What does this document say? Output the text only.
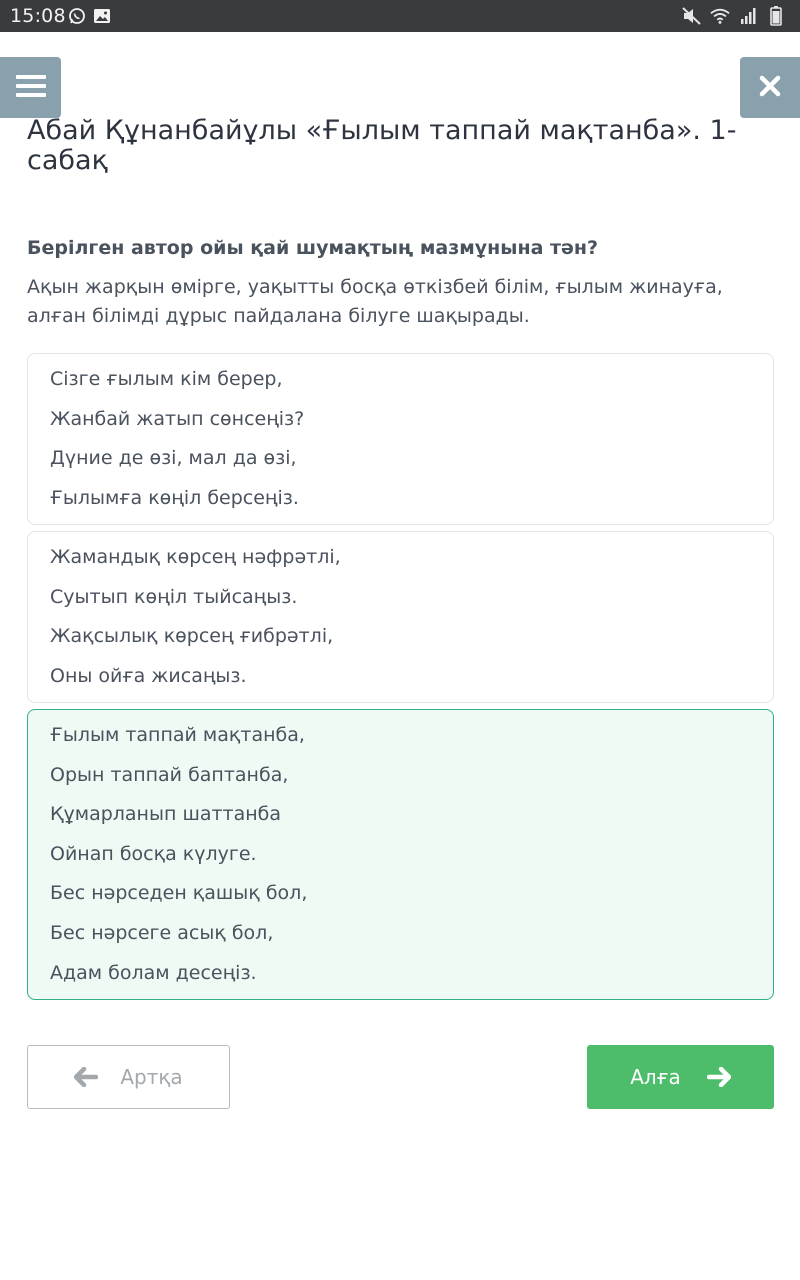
15:08
Абай Құнанбайұлы «Ғылым таппай мақтанба». 1-сабақ
Берілген автор ойы қай шумақтың мазмұнына тән?
Ақын жарқын өмірге, уақытты босқа өткізбей білім, ғылым жинауға, алған білімді дұрыс пайдалана білуге шақырады.
Сізге ғылым кім берер,
Жанбай жатып сөнсеңіз?
Дүние де өзі, мал да өзі,
Ғылымға көңіл берсеңіз.
Жамандық көрсең нәфрәтлі,
Суытып көңіл тыйсаңыз.
Жақсылық көрсең ғибрәтлі,
Оны ойға жисаңыз.
Ғылым таппай мақтанба,
Орын таппай баптанба,
Құмарланып шаттанба
Ойнап босқа күлуге.
Бес нәрседен қашық бол,
Бес нәрсеге асық бол,
Адам болам десеңіз.
Артқа	Алға
